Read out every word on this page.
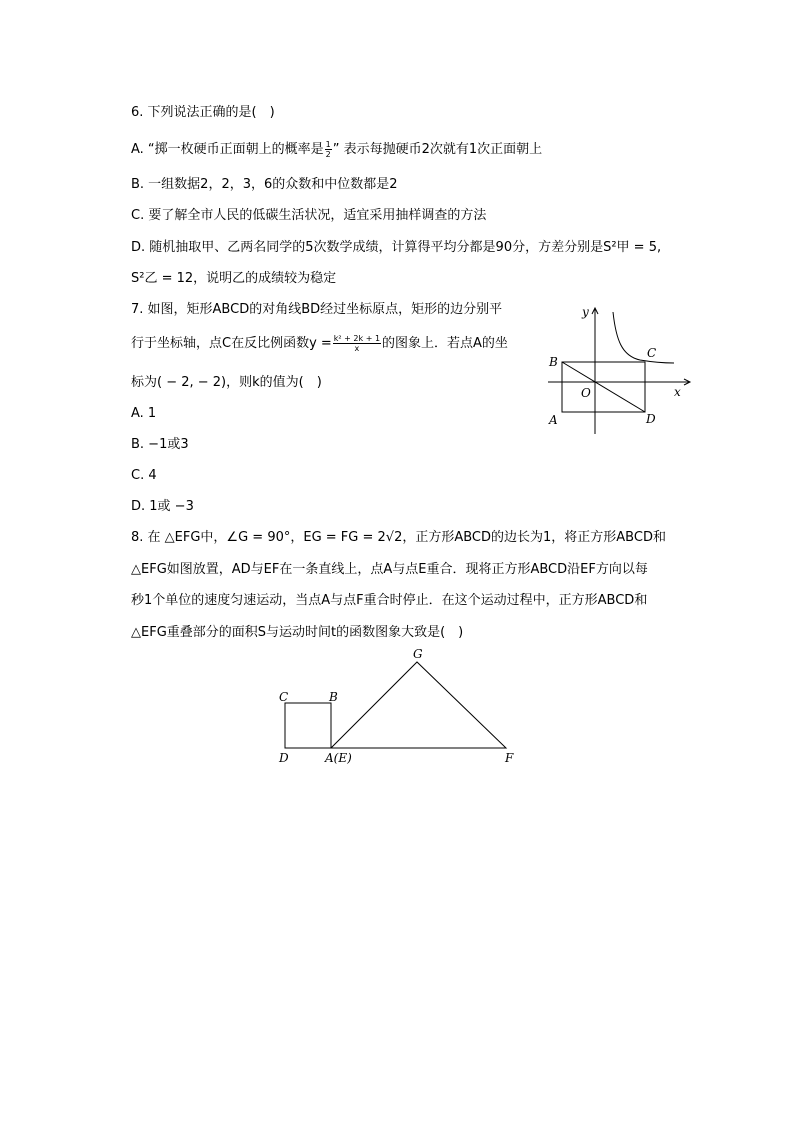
6. 下列说法正确的是(　)
A. “掷一枚硬币正面朝上的概率是 $\frac{1}{2}$ ” 表示每抛硬币2次就有1次正面朝上
B. 一组数据2，2，3，6的众数和中位数都是2
C. 要了解全市人民的低碳生活状况，适宜采用抽样调查的方法
D. 随机抽取甲、乙两名同学的5次数学成绩，计算得平均分都是90分，方差分别是S²甲 = 5,
S²乙 = 12，说明乙的成绩较为稳定
7. 如图，矩形ABCD的对角线BD经过坐标原点，矩形的边分别平
行于坐标轴，点C在反比例函数$y = \frac{\text{k² + 2k + 1}}{x}$ 的图象上．若点A的坐
标为( − 2, − 2)，则k的值为(　)
A. 1
B. −1或3
C. 4
D. 1或 −3
y
x
O
B
A
C
D
8. 在 △EFG中，∠G = 90°，EG = FG = 2√2，正方形ABCD的边长为1，将正方形ABCD和
△EFG如图放置，AD与EF在一条直线上，点A与点E重合．现将正方形ABCD沿EF方向以每
秒1个单位的速度匀速运动，当点A与点F重合时停止．在这个运动过程中，正方形ABCD和
△EFG重叠部分的面积S与运动时间t的函数图象大致是(　)
G
C	B
D	A(E)	F
